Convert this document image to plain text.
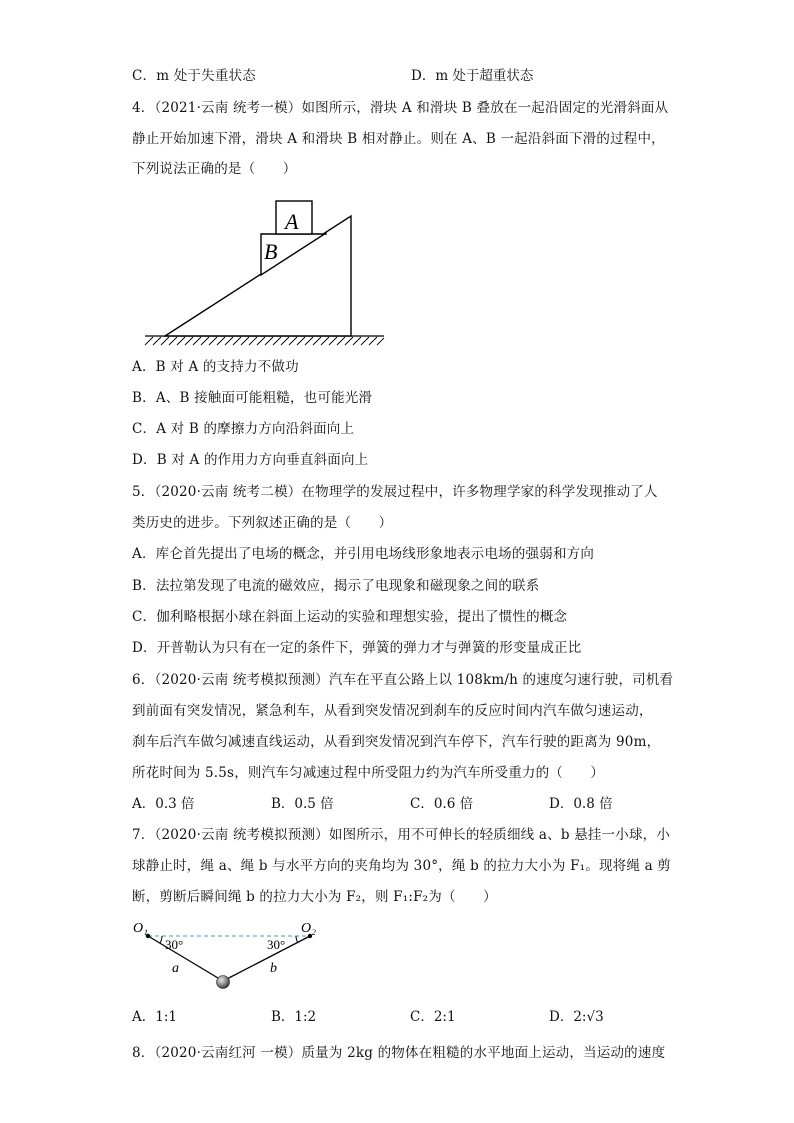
C．m 处于失重状态	D．m 处于超重状态
4．（2021·云南 统考一模）如图所示，滑块 A 和滑块 B 叠放在一起沿固定的光滑斜面从
静止开始加速下滑，滑块 A 和滑块 B 相对静止。则在 A、B 一起沿斜面下滑的过程中，
下列说法正确的是（　　）
A
B
A．B 对 A 的支持力不做功
B．A、B 接触面可能粗糙，也可能光滑
C．A 对 B 的摩擦力方向沿斜面向上
D．B 对 A 的作用力方向垂直斜面向上
5．（2020·云南 统考二模）在物理学的发展过程中，许多物理学家的科学发现推动了人
类历史的进步。下列叙述正确的是（　　）
A．库仑首先提出了电场的概念，并引用电场线形象地表示电场的强弱和方向
B．法拉第发现了电流的磁效应，揭示了电现象和磁现象之间的联系
C．伽利略根据小球在斜面上运动的实验和理想实验，提出了惯性的概念
D．开普勒认为只有在一定的条件下，弹簧的弹力才与弹簧的形变量成正比
6．（2020·云南 统考模拟预测）汽车在平直公路上以 108km/h 的速度匀速行驶，司机看
到前面有突发情况，紧急利车，从看到突发情况到刹车的反应时间内汽车做匀速运动，
刹车后汽车做匀减速直线运动，从看到突发情况到汽车停下，汽车行驶的距离为 90m，
所花时间为 5.5s，则汽车匀减速过程中所受阻力约为汽车所受重力的（　　）
A．0.3 倍	B．0.5 倍	C．0.6 倍	D．0.8 倍
7．（2020·云南 统考模拟预测）如图所示，用不可伸长的轻质细线 a、b 悬挂一小球，小
球静止时，绳 a、绳 b 与水平方向的夹角均为 30°，绳 b 的拉力大小为 F₁。现将绳 a 剪
断，剪断后瞬间绳 b 的拉力大小为 F₂，则 F₁:F₂为（　　）
O₁	O₂
30°	30°
a	b
A．1:1	B．1:2	C．2:1	D．2:√3
8．（2020·云南红河 一模）质量为 2kg 的物体在粗糙的水平地面上运动，当运动的速度
